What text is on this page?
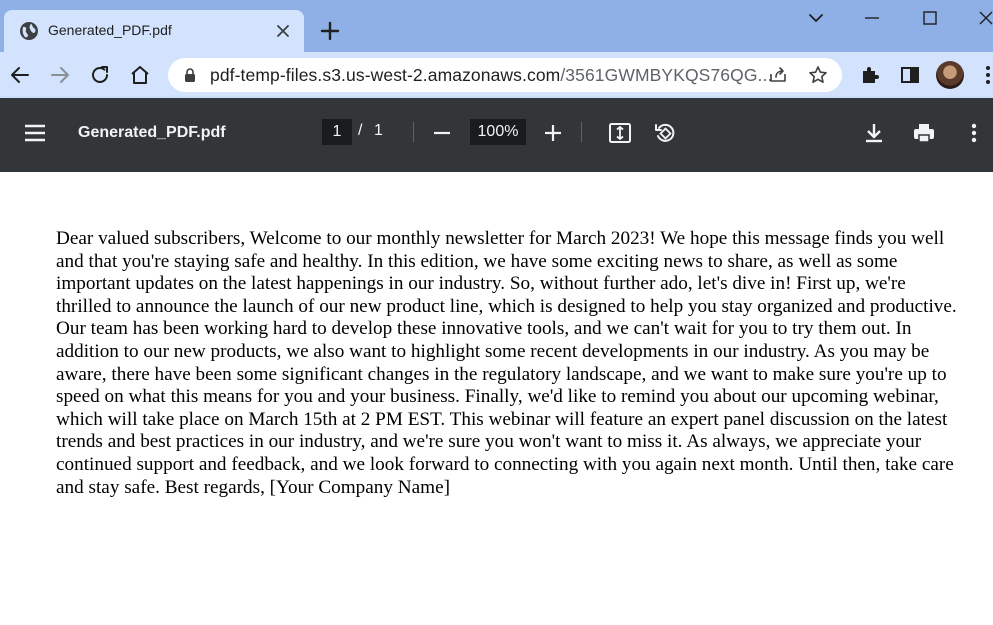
Generated_PDF.pdf
pdf-temp-files.s3.us-west-2.amazonaws.com/3561GWMBYKQS76QG...
Generated_PDF.pdf	1	/ 1	100%

Dear valued subscribers, Welcome to our monthly newsletter for March 2023! We hope this message finds you well and that you're staying safe and healthy. In this edition, we have some exciting news to share, as well as some important updates on the latest happenings in our industry. So, without further ado, let's dive in! First up, we're thrilled to announce the launch of our new product line, which is designed to help you stay organized and productive. Our team has been working hard to develop these innovative tools, and we can't wait for you to try them out. In addition to our new products, we also want to highlight some recent developments in our industry. As you may be aware, there have been some significant changes in the regulatory landscape, and we want to make sure you're up to speed on what this means for you and your business. Finally, we'd like to remind you about our upcoming webinar, which will take place on March 15th at 2 PM EST. This webinar will feature an expert panel discussion on the latest trends and best practices in our industry, and we're sure you won't want to miss it. As always, we appreciate your continued support and feedback, and we look forward to connecting with you again next month. Until then, take care and stay safe. Best regards, [Your Company Name]
